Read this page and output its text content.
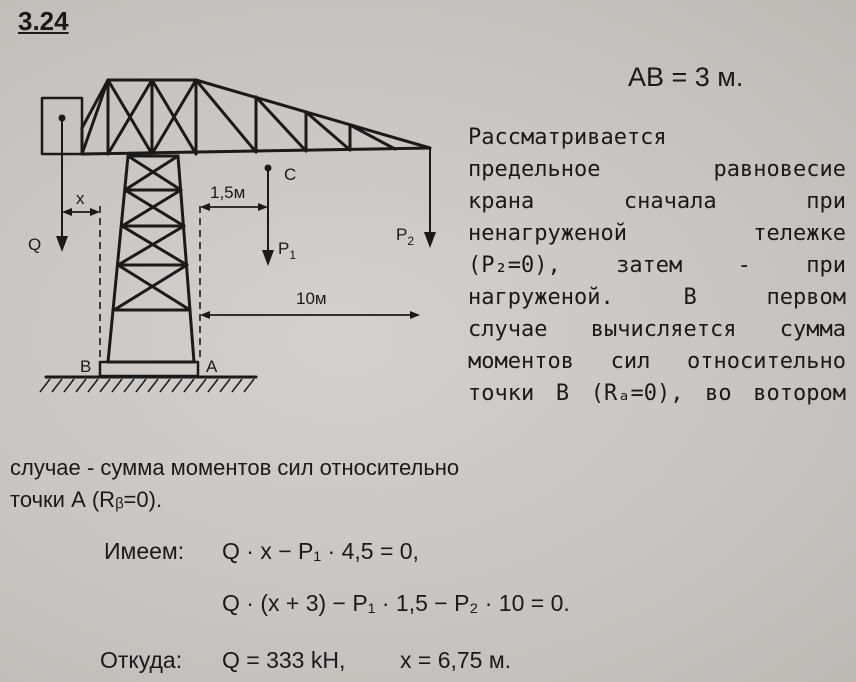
3.24
AB = 3 м.
Q
x	1,5м
C
$P_1$
$P_2$
10м
B	A
Рассматривается
предельное равновесие
крана сначала при
ненагруженой тележке
(P₂=0), затем - при
нагруженой. В первом
случае вычисляется сумма
моментов сил относительно
точки В (Rₐ=0), во вотором
случае - сумма моментов сил относительно
точки А (Rᵦ=0).
Имеем: Q · x − P₁ · 4,5 = 0,
Q · (x + 3) − P₁ · 1,5 − P₂ · 10 = 0.
Откуда: Q = 333 kH, x = 6,75 м.
